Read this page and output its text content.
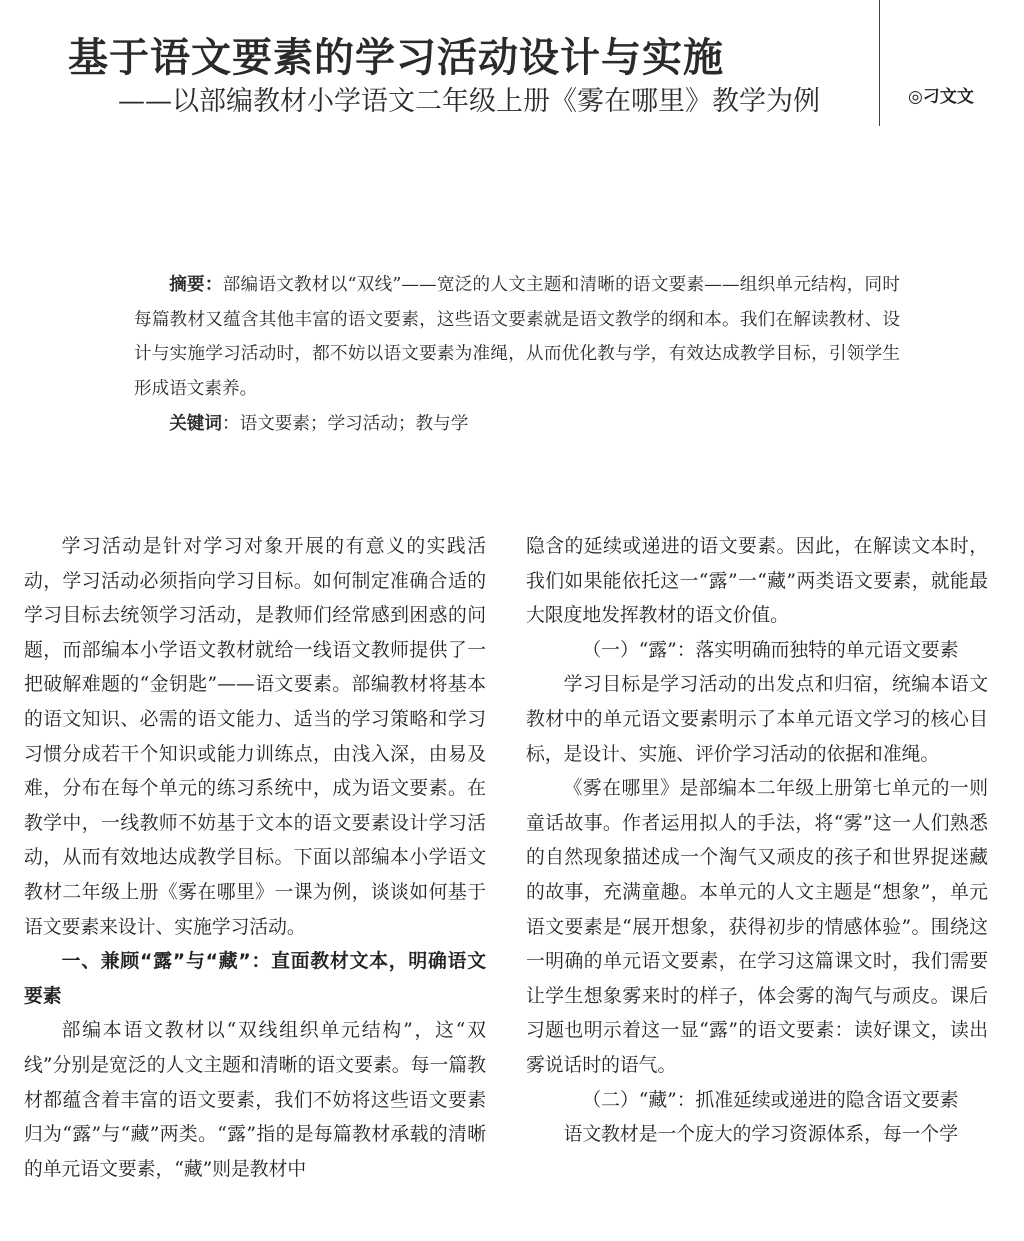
基于语文要素的学习活动设计与实施
——以部编教材小学语文二年级上册《雾在哪里》教学为例	◎刁文文

摘要：部编语文教材以“双线”——宽泛的人文主题和清晰的语文要素——组织单元结构，同时每篇教材又蕴含其他丰富的语文要素，这些语文要素就是语文教学的纲和本。我们在解读教材、设计与实施学习活动时，都不妨以语文要素为准绳，从而优化教与学，有效达成教学目标，引领学生形成语文素养。

关键词：语文要素；学习活动；教与学

学习活动是针对学习对象开展的有意义的实践活动，学习活动必须指向学习目标。如何制定准确合适的学习目标去统领学习活动，是教师们经常感到困惑的问题，而部编本小学语文教材就给一线语文教师提供了一把破解难题的“金钥匙”——语文要素。部编教材将基本的语文知识、必需的语文能力、适当的学习策略和学习习惯分成若干个知识或能力训练点，由浅入深，由易及难，分布在每个单元的练习系统中，成为语文要素。在教学中，一线教师不妨基于文本的语文要素设计学习活动，从而有效地达成教学目标。下面以部编本小学语文教材二年级上册《雾在哪里》一课为例，谈谈如何基于语文要素来设计、实施学习活动。

一、兼顾“露”与“藏”：直面教材文本，明确语文要素

部编本语文教材以“双线组织单元结构”，这“双线”分别是宽泛的人文主题和清晰的语文要素。每一篇教材都蕴含着丰富的语文要素，我们不妨将这些语文要素归为“露”与“藏”两类。“露”指的是每篇教材承载的清晰的单元语文要素，“藏”则是教材中

隐含的延续或递进的语文要素。因此，在解读文本时，我们如果能依托这一“露”一“藏”两类语文要素，就能最大限度地发挥教材的语文价值。

（一）“露”：落实明确而独特的单元语文要素

学习目标是学习活动的出发点和归宿，统编本语文教材中的单元语文要素明示了本单元语文学习的核心目标，是设计、实施、评价学习活动的依据和准绳。

《雾在哪里》是部编本二年级上册第七单元的一则童话故事。作者运用拟人的手法，将“雾”这一人们熟悉的自然现象描述成一个淘气又顽皮的孩子和世界捉迷藏的故事，充满童趣。本单元的人文主题是“想象”，单元语文要素是“展开想象，获得初步的情感体验”。围绕这一明确的单元语文要素，在学习这篇课文时，我们需要让学生想象雾来时的样子，体会雾的淘气与顽皮。课后习题也明示着这一显“露”的语文要素：读好课文，读出雾说话时的语气。

（二）“藏”：抓准延续或递进的隐含语文要素

语文教材是一个庞大的学习资源体系，每一个学
